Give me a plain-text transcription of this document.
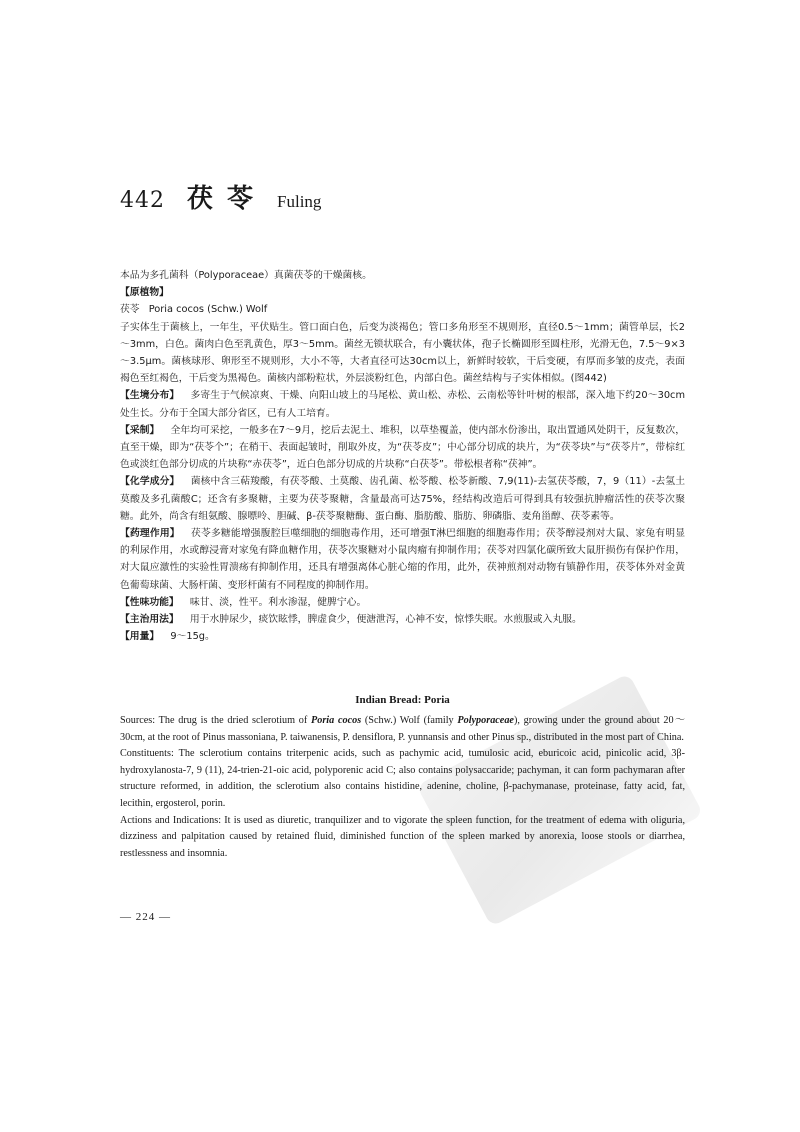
442 茯苓 Fuling

本品为多孔菌科（Polyporaceae）真菌茯苓的干燥菌核。

【原植物】

茯苓 Poria cocos (Schw.) Wolf

子实体生于菌核上，一年生，平伏贴生。管口面白色，后变为淡褐色；管口多角形至不规则形，直径0.5～1mm；菌管单层，长2～3mm，白色。菌肉白色至乳黄色，厚3～5mm。菌丝无锁状联合，有小囊状体，孢子长椭圆形至圆柱形，光滑无色，7.5～9×3～3.5μm。菌核球形、卵形至不规则形，大小不等，大者直径可达30cm以上，新鲜时较软，干后变硬，有厚而多皱的皮壳，表面褐色至红褐色，干后变为黑褐色。菌核内部粉粒状，外层淡粉红色，内部白色。菌丝结构与子实体相似。(图442)

【生境分布】 多寄生于气候凉爽、干燥、向阳山坡上的马尾松、黄山松、赤松、云南松等针叶树的根部，深入地下约20～30cm处生长。分布于全国大部分省区，已有人工培育。

【采制】 全年均可采挖，一般多在7～9月，挖后去泥土、堆积，以草垫覆盖，使内部水份渗出，取出置通风处阴干，反复数次，直至干燥，即为“茯苓个”；在稍干、表面起皱时，削取外皮，为“茯苓皮”；中心部分切成的块片，为“茯苓块”与“茯苓片”，带棕红色或淡红色部分切成的片块称“赤茯苓”，近白色部分切成的片块称“白茯苓”。带松根者称“茯神”。

【化学成分】 菌核中含三萜羧酸，有茯苓酸、土莫酸、齿孔菌、松苓酸、松苓新酸、7,9(11)-去氢茯苓酸，7，9（11）-去氢土莫酸及多孔菌酸C；还含有多聚糖，主要为茯苓聚糖，含量最高可达75%，经结构改造后可得到具有较强抗肿瘤活性的茯苓次聚糖。此外，尚含有组氨酸、腺嘌呤、胆碱、β-茯苓聚糖酶、蛋白酶、脂肪酸、脂肪、卵磷脂、麦角甾醇、茯苓素等。

【药理作用】 茯苓多糖能增强腹腔巨噬细胞的细胞毒作用，还可增强T淋巴细胞的细胞毒作用；茯苓醇浸剂对大鼠、家兔有明显的利尿作用，水或醇浸膏对家兔有降血糖作用，茯苓次聚糖对小鼠肉瘤有抑制作用；茯苓对四氯化碳所致大鼠肝损伤有保护作用，对大鼠应激性的实验性胃溃疡有抑制作用，还具有增强离体心脏心缩的作用，此外，茯神煎剂对动物有镇静作用，茯苓体外对金黄色葡萄球菌、大肠杆菌、变形杆菌有不同程度的抑制作用。

【性味功能】 味甘、淡，性平。利水渗湿，健脾宁心。

【主治用法】 用于水肿尿少，痰饮眩悸，脾虚食少，便溏泄泻，心神不安，惊悸失眠。水煎服或入丸服。

【用量】 9～15g。

Indian Bread: Poria

Sources: The drug is the dried sclerotium of Poria cocos (Schw.) Wolf (family Polyporaceae), growing under the ground about 20～30cm, at the root of Pinus massoniana, P. taiwanensis, P. densiflora, P. yunnansis and other Pinus sp., distributed in the most part of China.

Constituents: The sclerotium contains triterpenic acids, such as pachymic acid, tumulosic acid, eburicoic acid, pinicolic acid, 3β-hydroxylanosta-7, 9 (11), 24-trien-21-oic acid, polyporenic acid C; also contains polysaccaride; pachyman, it can form pachymaran after structure reformed, in addition, the sclerotium also contains histidine, adenine, choline, β-pachymanase, proteinase, fatty acid, fat, lecithin, ergosterol, porin.

Actions and Indications: It is used as diuretic, tranquilizer and to vigorate the spleen function, for the treatment of edema with oliguria, dizziness and palpitation caused by retained fluid, diminished function of the spleen marked by anorexia, loose stools or diarrhea, restlessness and insomnia.

— 224 —
